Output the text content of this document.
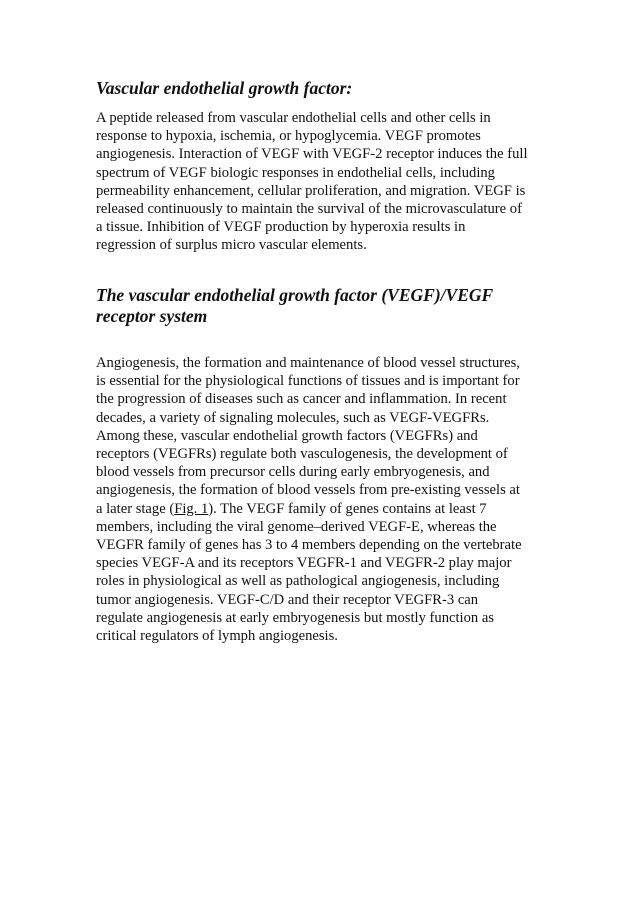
Vascular endothelial growth factor:

A peptide released from vascular endothelial cells and other cells in
response to hypoxia, ischemia, or hypoglycemia. VEGF promotes
angiogenesis. Interaction of VEGF with VEGF-2 receptor induces the full
spectrum of VEGF biologic responses in endothelial cells, including
permeability enhancement, cellular proliferation, and migration. VEGF is
released continuously to maintain the survival of the microvasculature of
a tissue. Inhibition of VEGF production by hyperoxia results in
regression of surplus micro vascular elements.

The vascular endothelial growth factor (VEGF)/VEGF
receptor system

Angiogenesis, the formation and maintenance of blood vessel structures,
is essential for the physiological functions of tissues and is important for
the progression of diseases such as cancer and inflammation. In recent
decades, a variety of signaling molecules, such as VEGF-VEGFRs.
Among these, vascular endothelial growth factors (VEGFRs) and
receptors (VEGFRs) regulate both vasculogenesis, the development of
blood vessels from precursor cells during early embryogenesis, and
angiogenesis, the formation of blood vessels from pre-existing vessels at
a later stage (Fig. 1). The VEGF family of genes contains at least 7
members, including the viral genome–derived VEGF-E, whereas the
VEGFR family of genes has 3 to 4 members depending on the vertebrate
species VEGF-A and its receptors VEGFR-1 and VEGFR-2 play major
roles in physiological as well as pathological angiogenesis, including
tumor angiogenesis. VEGF-C/D and their receptor VEGFR-3 can
regulate angiogenesis at early embryogenesis but mostly function as
critical regulators of lymph angiogenesis.
